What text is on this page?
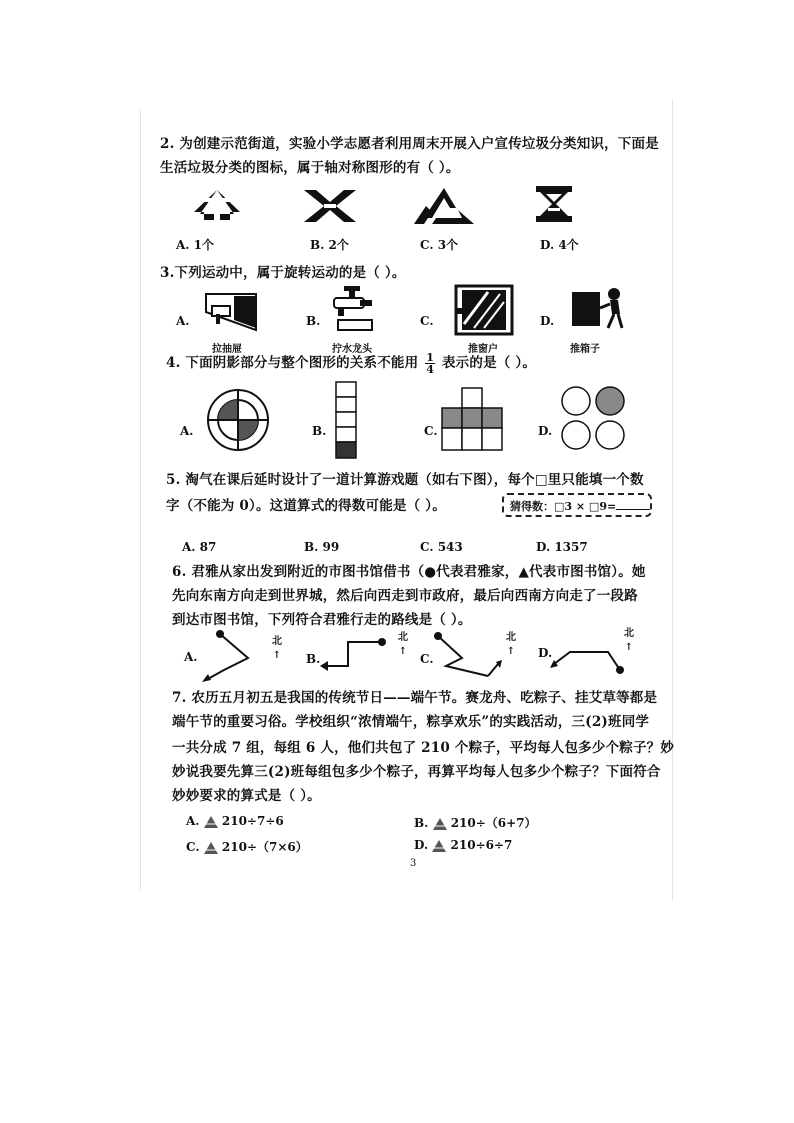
2. 为创建示范街道，实验小学志愿者利用周末开展入户宣传垃圾分类知识，下面是
生活垃圾分类的图标，属于轴对称图形的有（ ）。
A. 1个	B. 2个	C. 3个	D. 4个
3.下列运动中，属于旋转运动的是（ ）。
A.
拉抽屉
B.
拧水龙头
C.
推窗户
D.
推箱子
4. 下面阴影部分与整个图形的关系不能用 $\frac{1}{4}$ 表示的是（ ）。
A.	B.	C.	D.
5. 淘气在课后延时设计了一道计算游戏题（如右下图），每个□里只能填一个数
字（不能为 0）。这道算式的得数可能是（ ）。	猜得数：□3 × □9=
A. 87	B. 99	C. 543	D. 1357
6. 君雅从家出发到附近的市图书馆借书（●代表君雅家，▲代表市图书馆）。她
先向东南方向走到世界城，然后向西走到市政府，最后向西南方向走了一段路
到达市图书馆，下列符合君雅行走的路线是（ ）。
A.
北
↑ B.
北
↑
C.
北
↑ D.
北
↑
7. 农历五月初五是我国的传统节日——端午节。赛龙舟、吃粽子、挂艾草等都是
端午节的重要习俗。学校组织“浓情端午，粽享欢乐”的实践活动，三(2)班同学
一共分成 7 组，每组 6 人，他们共包了 210 个粽子，平均每人包多少个粽子？妙
妙说我要先算三(2)班每组包多少个粽子，再算平均每人包多少个粽子？下面符合
妙妙要求的算式是（ ）。
A. 210÷7÷6	B. 210÷（6+7）
C. 210÷（7×6）	D. 210÷6÷7
3
